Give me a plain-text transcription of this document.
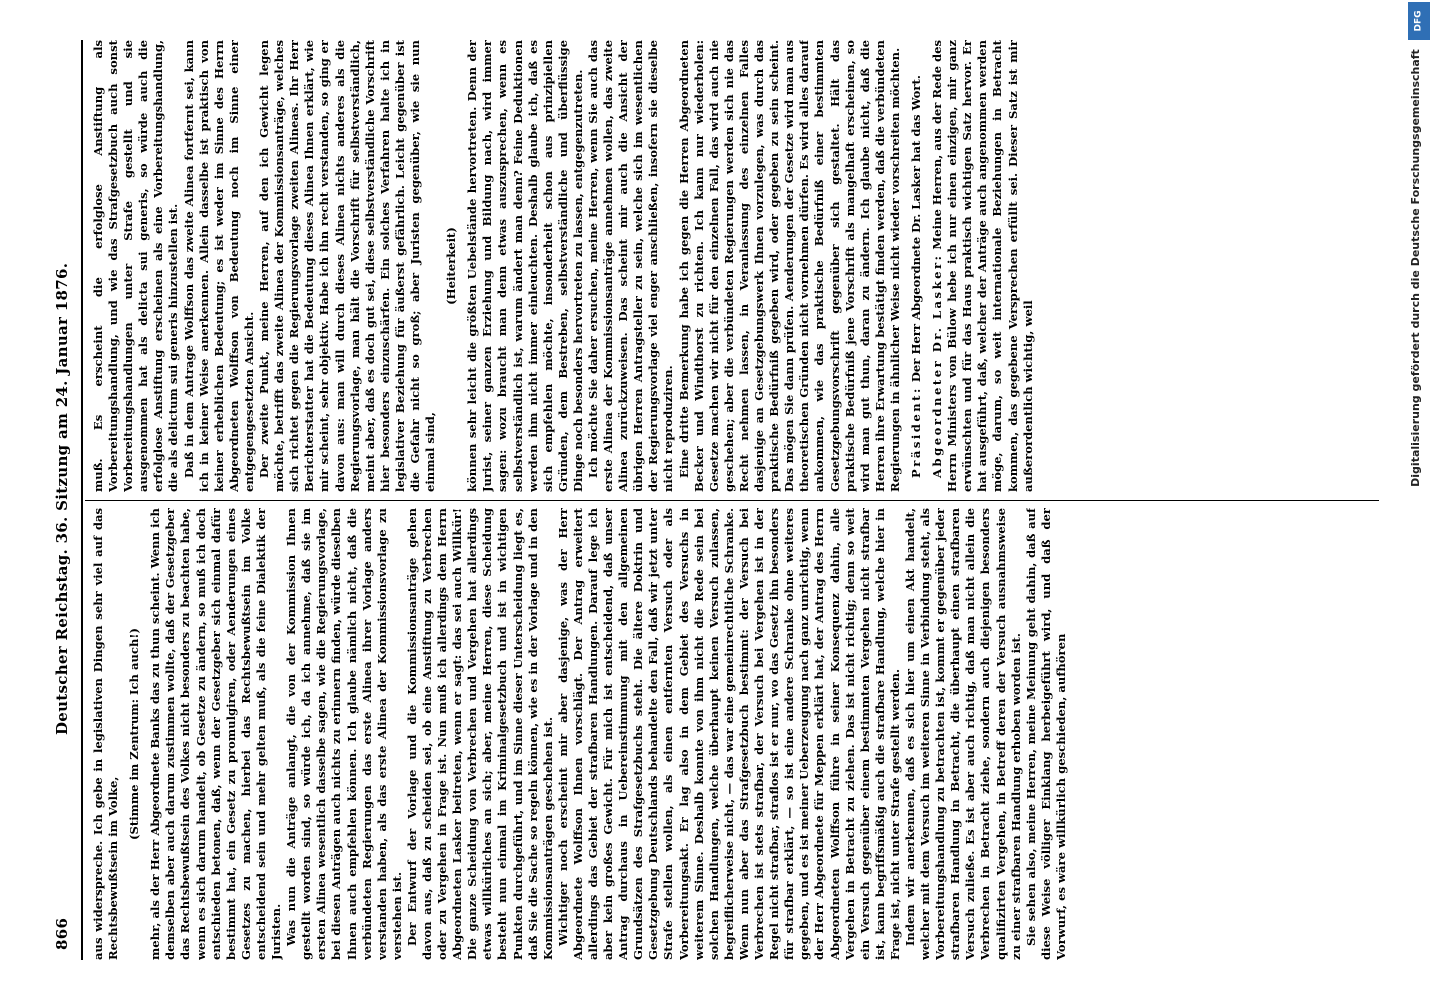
866
Deutscher Reichstag. 36. Sitzung am 24. Januar 1876. aus widerspreche. Ich gebe in legislativen Dingen sehr viel auf das Rechtsbewußtsein im Volke,

(Stimme im Zentrum: Ich auch!) mehr, als der Herr Abgeordnete Banks das zu thun scheint. Wenn ich demselben aber auch darum zustimmen wollte, daß der Gesetzgeber das Rechtsbewußtsein des Volkes nicht besonders zu beachten habe, wenn es sich darum handelt, ob Gesetze zu ändern, so muß ich doch entschieden betonen, daß, wenn der Gesetzgeber sich einmal dafür bestimmt hat, ein Gesetz zu promulgiren, oder Aenderungen eines Gesetzes zu machen, hierbei das Rechtsbewußtsein im Volke entscheidend sein und mehr gelten muß, als die feine Dialektik der Juristen. Was nun die Anträge anlangt, die von der Kommission Ihnen gestellt worden sind, so würde ich, da ich annehme, daß sie im ersten Alinea wesentlich dasselbe sagen, wie die Regierungsvorlage, bei diesen Anträgen auch nichts zu erinnern finden, würde dieselben Ihnen auch empfehlen können. Ich glaube nämlich nicht, daß die verbündeten Regierungen das erste Alinea ihrer Vorlage anders verstanden haben, als das erste Alinea der Kommissionsvorlage zu verstehen ist. Der Entwurf der Vorlage und die Kommissionsanträge gehen davon aus, daß zu scheiden sei, ob eine Anstiftung zu Verbrechen oder zu Vergehen in Frage ist. Nun muß ich allerdings dem Herrn Abgeordneten Lasker beitreten, wenn er sagt: das sei auch Willkür! Die ganze Scheidung von Verbrechen und Vergehen hat allerdings etwas willkürliches an sich; aber, meine Herren, diese Scheidung besteht nun einmal im Kriminalgesetzbuch und ist in wichtigen Punkten durchgeführt, und im Sinne dieser Unterscheidung liegt es, daß Sie die Sache so regeln können, wie es in der Vorlage und in den Kommissionsanträgen geschehen ist. Wichtiger noch erscheint mir aber dasjenige, was der Herr Abgeordnete Wolffson Ihnen vorschlägt. Der Antrag erweitert allerdings das Gebiet der strafbaren Handlungen. Darauf lege ich aber kein großes Gewicht. Für mich ist entscheidend, daß unser Antrag durchaus in Uebereinstimmung mit den allgemeinen Grundsätzen des Strafgesetzbuchs steht. Die ältere Doktrin und Gesetzgebung Deutschlands behandelte den Fall, daß wir jetzt unter Strafe stellen wollen, als einen entfernten Versuch oder als Vorbereitungsakt. Er lag also in dem Gebiet des Versuchs in weiterem Sinne. Deshalb konnte von ihm nicht die Rede sein bei solchen Handlungen, welche überhaupt keinen Versuch zulassen, begreiflicherweise nicht, — das war eine gemeinrechtliche Schranke. Wenn nun aber das Strafgesetzbuch bestimmt: der Versuch bei Verbrechen ist stets strafbar, der Versuch bei Vergehen ist in der Regel nicht strafbar, straflos ist er nur, wo das Gesetz ihn besonders für strafbar erklärt, — so ist eine andere Schranke ohne weiteres gegeben, und es ist meiner Ueberzeugung nach ganz unrichtig, wenn der Herr Abgeordnete für Meppen erklärt hat, der Antrag des Herrn Abgeordneten Wolffson führe in seiner Konsequenz dahin, alle Vergehen in Betracht zu ziehen. Das ist nicht richtig; denn so weit ein Versuch gegenüber einem bestimmten Vergehen nicht strafbar ist, kann begriffsmäßig auch die strafbare Handlung, welche hier in Frage ist, nicht unter Strafe gestellt werden. Indem wir anerkennen, daß es sich hier um einen Akt handelt, welcher mit dem Versuch im weiteren Sinne in Verbindung steht, als Vorbereitungshandlung zu betrachten ist, kommt er gegenüber jeder strafbaren Handlung in Betracht, die überhaupt einen strafbaren Versuch zuließe. Es ist aber auch richtig, daß man nicht allein die Verbrechen in Betracht ziehe, sondern auch diejenigen besonders qualifizirten Vergehen, in Betreff deren der Versuch ausnahmsweise zu einer strafbaren Handlung erhoben worden ist. Sie sehen also, meine Herren, meine Meinung geht dahin, daß auf diese Weise völliger Einklang herbeigeführt wird, und daß der Vorwurf, es wäre willkürlich geschieden, aufhören

muß. Es erscheint die erfolglose Anstiftung als Vorbereitungshandlung, und wie das Strafgesetzbuch auch sonst Vorbereitungshandlungen unter Strafe gestellt und sie ausgenommen hat als delicta sui generis, so würde auch die erfolglose Anstiftung erscheinen als eine Vorbereitungshandlung, die als delictum sui generis hinzustellen ist. Daß in dem Antrage Wolffson das zweite Alinea fortfernt sei, kann ich in keiner Weise anerkennen. Allein dasselbe ist praktisch von keiner erheblichen Bedeutung; es ist weder im Sinne des Herrn Abgeordneten Wolffson von Bedeutung noch im Sinne einer entgegengesetzten Ansicht. Der zweite Punkt, meine Herren, auf den ich Gewicht legen möchte, betrifft das zweite Alinea der Kommissionsanträge, welches sich richtet gegen die Regierungsvorlage zweiten Alineas. Ihr Herr Berichterstatter hat die Bedeutung dieses Alinea Ihnen erklärt, wie mir scheint, sehr objektiv. Habe ich ihn recht verstanden, so ging er davon aus: man will durch dieses Alinea nichts anderes als die Regierungsvorlage, man hält die Vorschrift für selbstverständlich, meint aber, daß es doch gut sei, diese selbstverständliche Vorschrift hier besonders einzuschärfen. Ein solches Verfahren halte ich in legislativer Beziehung für äußerst gefährlich. Leicht gegenüber ist die Gefahr nicht so groß; aber Juristen gegenüber, wie sie nun einmal sind,

(Heiterkeit) können sehr leicht die größten Uebelstände hervortreten. Denn der Jurist, seiner ganzen Erziehung und Bildung nach, wird immer sagen: wozu braucht man denn etwas auszusprechen, wenn es selbstverständlich ist, warum ändert man denn? Feine Deduktionen werden ihm nicht immer einleuchten. Deshalb glaube ich, daß es sich empfehlen möchte, insonderheit schon aus prinzipiellen Gründen, dem Bestreben, selbstverständliche und überflüssige Dinge noch besonders hervortreten zu lassen, entgegenzutreten. Ich möchte Sie daher ersuchen, meine Herren, wenn Sie auch das erste Alinea der Kommissionsanträge annehmen wollen, das zweite Alinea zurückzuweisen. Das scheint mir auch die Ansicht der übrigen Herren Antragsteller zu sein, welche sich im wesentlichen der Regierungsvorlage viel enger anschließen, insofern sie dieselbe nicht reproduziren. Eine dritte Bemerkung habe ich gegen die Herren Abgeordneten Becker und Windthorst zu richten. Ich kann nur wiederholen: Gesetze machen wir nicht für den einzelnen Fall, das wird auch nie geschehen; aber die verbündeten Regierungen werden sich nie das Recht nehmen lassen, in Veranlassung des einzelnen Falles dasjenige an Gesetzgebungswerk Ihnen vorzulegen, was durch das praktische Bedürfniß gegeben wird, oder gegeben zu sein scheint. Das mögen Sie dann prüfen. Aenderungen der Gesetze wird man aus theoretischen Gründen nicht vornehmen dürfen. Es wird alles darauf ankommen, wie das praktische Bedürfniß einer bestimmten Gesetzgebungsvorschrift gegenüber sich gestaltet. Hält das praktische Bedürfniß jene Vorschrift als mangelhaft erscheinen, so wird man gut thun, daran zu ändern. Ich glaube nicht, daß die Herren ihre Erwartung bestätigt finden werden, daß die verbündeten Regierungen in ähnlicher Weise nicht wieder vorschreiten möchten. Präsident: Der Herr Abgeordnete Dr. Lasker hat das Wort. Abgeordneter Dr. Lasker: Meine Herren, aus der Rede des Herrn Ministers von Bülow hebe ich nur einen einzigen, mir ganz erwünschten und für das Haus praktisch wichtigen Satz hervor. Er hat ausgeführt, daß, welcher der Anträge auch angenommen werden möge, darum, so weit internationale Beziehungen in Betracht kommen, das gegebene Versprechen erfüllt sei. Dieser Satz ist mir außerordentlich wichtig, weil

DFG
Digitalisierung gefördert durch die Deutsche Forschungsgemeinschaft
